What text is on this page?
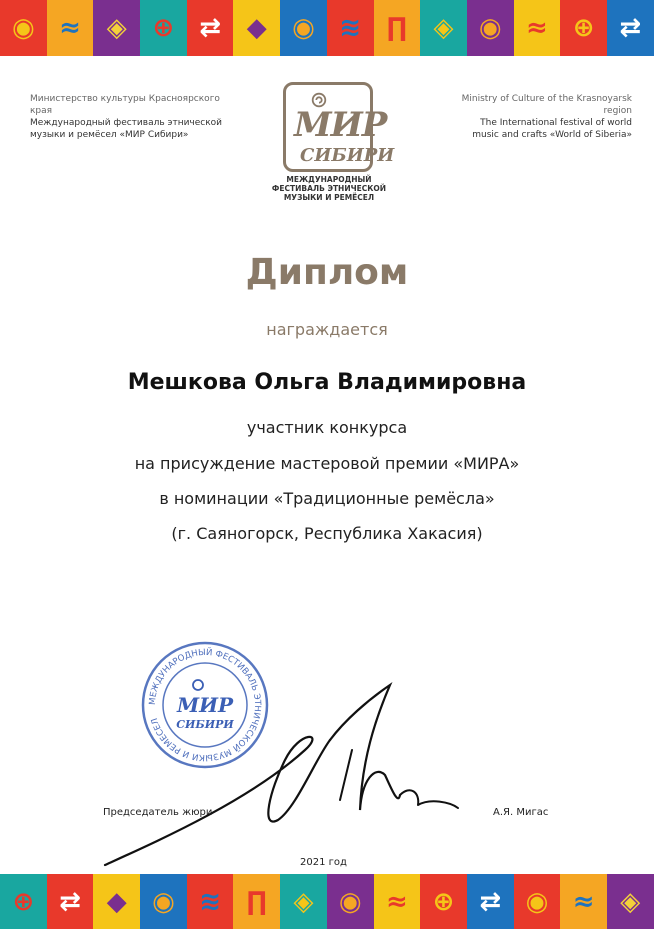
◉ ≈ ◈ ⊕ ⇄ ◆ ◉ ≋ ∏ ◈ ◉ ≈ ⊕ ⇄
Министерство культуры Красноярского края
Международный фестиваль этнической
музыки и ремёсел «МИР Сибири»	МИР
СИБИРИ
МЕЖДУНАРОДНЫЙ
ФЕСТИВАЛЬ ЭТНИЧЕСКОЙ
МУЗЫКИ И РЕМЁСЕЛ
Ministry of Culture of the Krasnoyarsk region
The International festival of world
music and crafts «World of Siberia»
Диплом
награждается
Мешкова Ольга Владимировна
участник конкурса
на присуждение мастеровой премии «МИРА»
в номинации «Традиционные ремёсла»
(г. Саяногорск, Республика Хакасия)
МЕЖДУНАРОДНЫЙ ФЕСТИВАЛЬ ЭТНИЧЕСКОЙ МУЗЫКИ И РЕМЕСЕЛ
МИР
СИБИРИ
Председатель жюри	А.Я. Мигас
2021 год
⊕ ⇄ ◆ ◉ ≋ ∏ ◈ ◉ ≈ ⊕ ⇄ ◉ ≈ ◈
